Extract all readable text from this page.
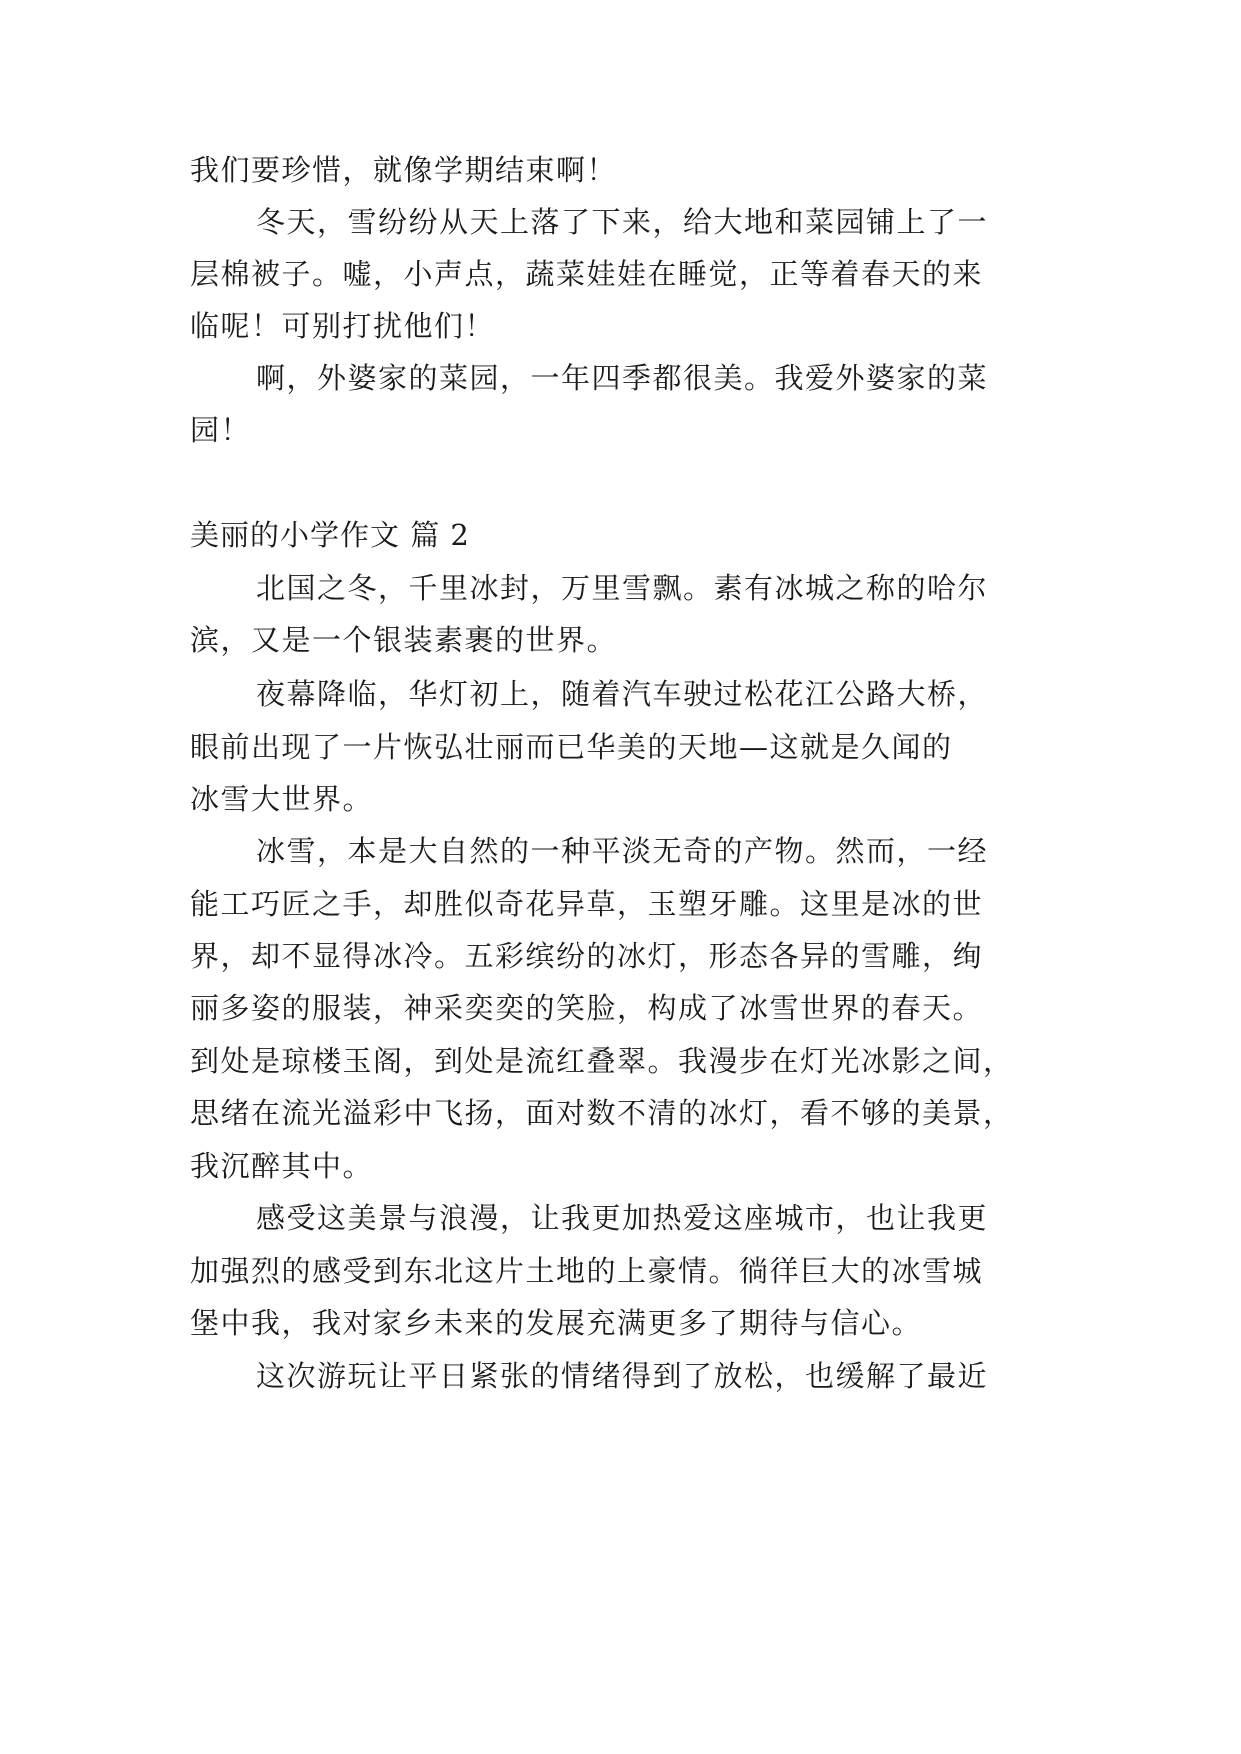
我们要珍惜，就像学期结束啊！
冬天，雪纷纷从天上落了下来，给大地和菜园铺上了一
层棉被子。嘘，小声点，蔬菜娃娃在睡觉，正等着春天的来
临呢！可别打扰他们！
啊，外婆家的菜园，一年四季都很美。我爱外婆家的菜
园！
美丽的小学作文 篇 2
北国之冬，千里冰封，万里雪飘。素有冰城之称的哈尔
滨，又是一个银装素裹的世界。
夜幕降临，华灯初上，随着汽车驶过松花江公路大桥，
眼前出现了一片恢弘壮丽而已华美的天地—这就是久闻的
冰雪大世界。
冰雪，本是大自然的一种平淡无奇的产物。然而，一经
能工巧匠之手，却胜似奇花异草，玉塑牙雕。这里是冰的世
界，却不显得冰冷。五彩缤纷的冰灯，形态各异的雪雕，绚
丽多姿的服装，神采奕奕的笑脸，构成了冰雪世界的春天。
到处是琼楼玉阁，到处是流红叠翠。我漫步在灯光冰影之间，
思绪在流光溢彩中飞扬，面对数不清的冰灯，看不够的美景，
我沉醉其中。
感受这美景与浪漫，让我更加热爱这座城市，也让我更
加强烈的感受到东北这片土地的上豪情。徜徉巨大的冰雪城
堡中我，我对家乡未来的发展充满更多了期待与信心。
这次游玩让平日紧张的情绪得到了放松，也缓解了最近
